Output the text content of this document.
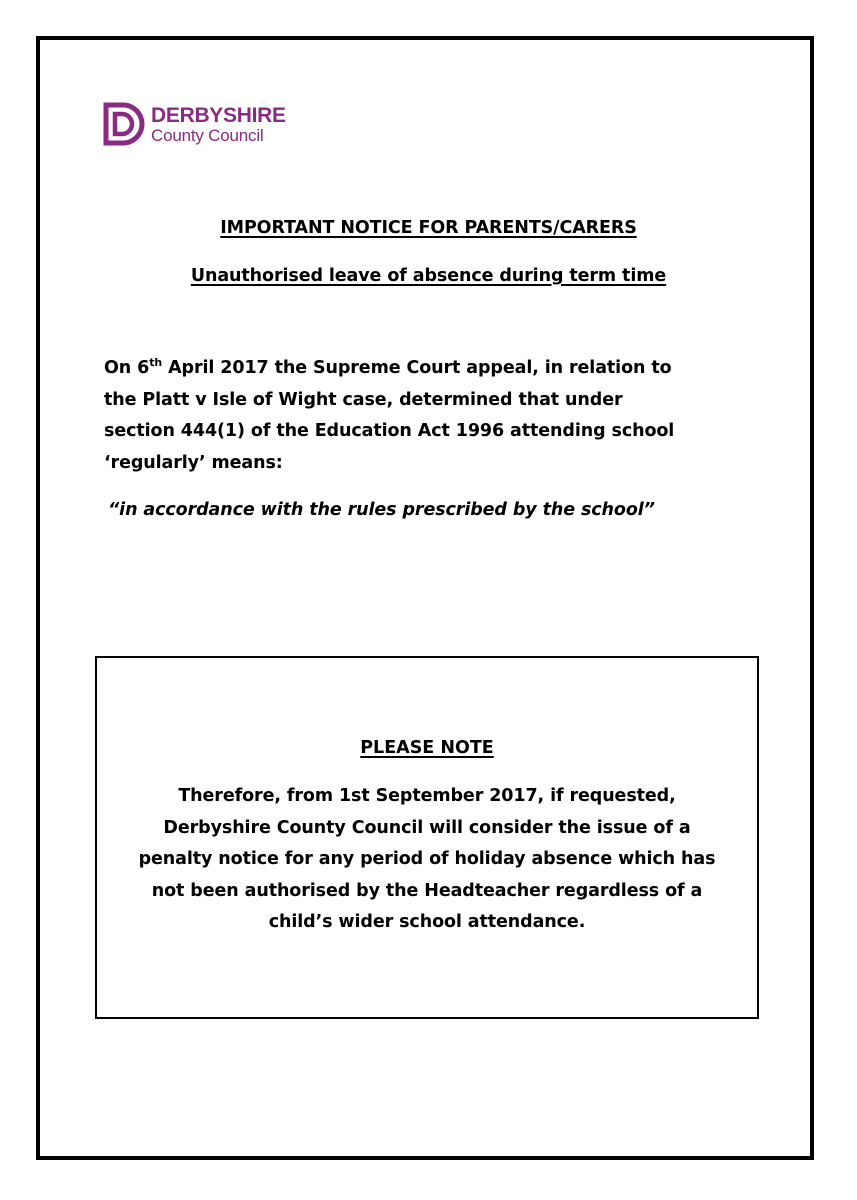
DERBYSHIRE
County Council
IMPORTANT NOTICE FOR PARENTS/CARERS
Unauthorised leave of absence during term time
On 6th April 2017 the Supreme Court appeal, in relation to
the Platt v Isle of Wight case, determined that under
section 444(1) of the Education Act 1996 attending school
‘regularly’ means:

“in accordance with the rules prescribed by the school”

PLEASE NOTE
Therefore, from 1st September 2017, if requested,
Derbyshire County Council will consider the issue of a
penalty notice for any period of holiday absence which has
not been authorised by the Headteacher regardless of a
child’s wider school attendance.
